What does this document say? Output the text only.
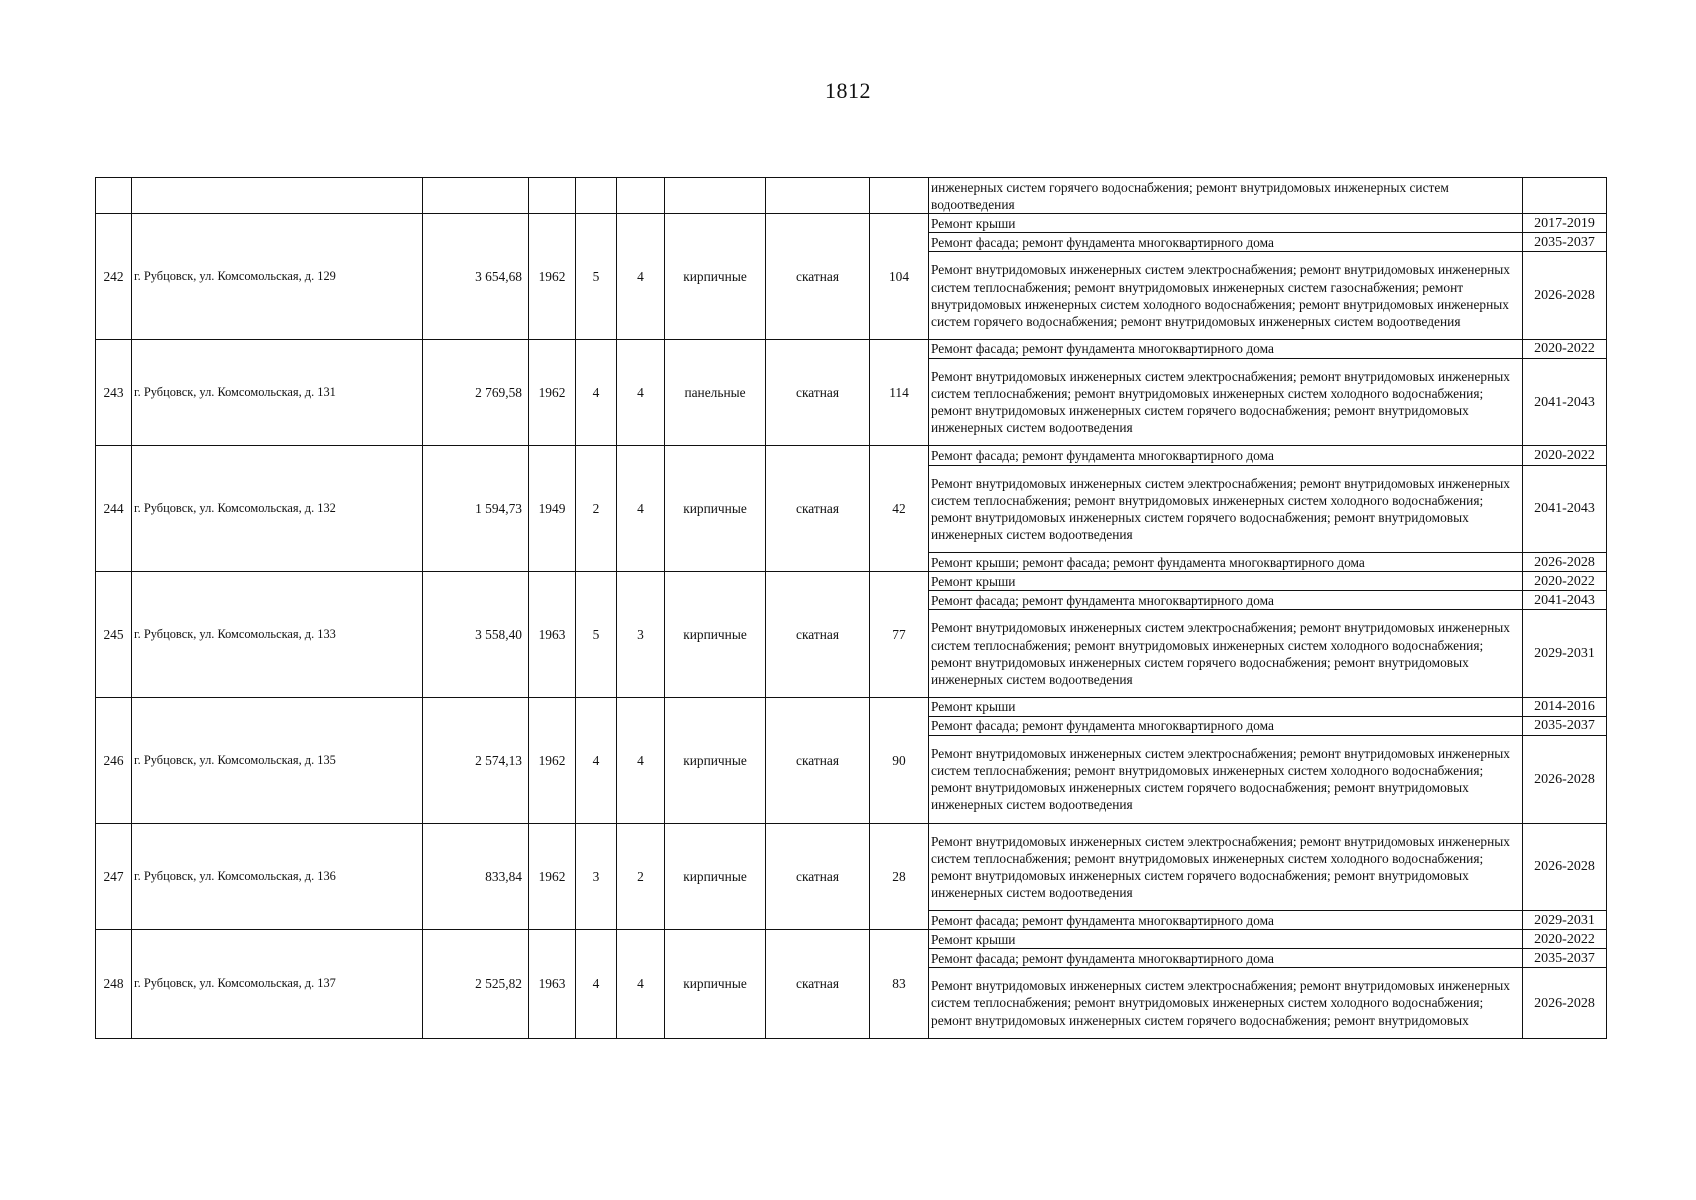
1812
									инженерных систем горячего водоснабжения; ремонт внутридомовых инженерных систем водоотведения	
242	г. Рубцовск, ул. Комсомольская, д. 129	3 654,68	1962	5	4	кирпичные	скатная	104	Ремонт крыши	2017-2019
									Ремонт фасада; ремонт фундамента многоквартирного дома	2035-2037
									Ремонт внутридомовых инженерных систем электроснабжения; ремонт внутридомовых инженерных систем теплоснабжения; ремонт внутридомовых инженерных систем газоснабжения; ремонт внутридомовых инженерных систем холодного водоснабжения; ремонт внутридомовых инженерных систем горячего водоснабжения; ремонт внутридомовых инженерных систем водоотведения	2026-2028
243	г. Рубцовск, ул. Комсомольская, д. 131	2 769,58	1962	4	4	панельные	скатная	114	Ремонт фасада; ремонт фундамента многоквартирного дома	2020-2022
									Ремонт внутридомовых инженерных систем электроснабжения; ремонт внутридомовых инженерных систем теплоснабжения; ремонт внутридомовых инженерных систем холодного водоснабжения; ремонт внутридомовых инженерных систем горячего водоснабжения; ремонт внутридомовых инженерных систем водоотведения	2041-2043
244	г. Рубцовск, ул. Комсомольская, д. 132	1 594,73	1949	2	4	кирпичные	скатная	42	Ремонт фасада; ремонт фундамента многоквартирного дома	2020-2022
									Ремонт внутридомовых инженерных систем электроснабжения; ремонт внутридомовых инженерных систем теплоснабжения; ремонт внутридомовых инженерных систем холодного водоснабжения; ремонт внутридомовых инженерных систем горячего водоснабжения; ремонт внутридомовых инженерных систем водоотведения	2041-2043
									Ремонт крыши; ремонт фасада; ремонт фундамента многоквартирного дома	2026-2028
245	г. Рубцовск, ул. Комсомольская, д. 133	3 558,40	1963	5	3	кирпичные	скатная	77	Ремонт крыши	2020-2022
									Ремонт фасада; ремонт фундамента многоквартирного дома	2041-2043
									Ремонт внутридомовых инженерных систем электроснабжения; ремонт внутридомовых инженерных систем теплоснабжения; ремонт внутридомовых инженерных систем холодного водоснабжения; ремонт внутридомовых инженерных систем горячего водоснабжения; ремонт внутридомовых инженерных систем водоотведения	2029-2031
246	г. Рубцовск, ул. Комсомольская, д. 135	2 574,13	1962	4	4	кирпичные	скатная	90	Ремонт крыши	2014-2016
									Ремонт фасада; ремонт фундамента многоквартирного дома	2035-2037
									Ремонт внутридомовых инженерных систем электроснабжения; ремонт внутридомовых инженерных систем теплоснабжения; ремонт внутридомовых инженерных систем холодного водоснабжения; ремонт внутридомовых инженерных систем горячего водоснабжения; ремонт внутридомовых инженерных систем водоотведения	2026-2028
247	г. Рубцовск, ул. Комсомольская, д. 136	833,84	1962	3	2	кирпичные	скатная	28	Ремонт внутридомовых инженерных систем электроснабжения; ремонт внутридомовых инженерных систем теплоснабжения; ремонт внутридомовых инженерных систем холодного водоснабжения; ремонт внутридомовых инженерных систем горячего водоснабжения; ремонт внутридомовых инженерных систем водоотведения	2026-2028
									Ремонт фасада; ремонт фундамента многоквартирного дома	2029-2031
248	г. Рубцовск, ул. Комсомольская, д. 137	2 525,82	1963	4	4	кирпичные	скатная	83	Ремонт крыши	2020-2022
									Ремонт фасада; ремонт фундамента многоквартирного дома	2035-2037
									Ремонт внутридомовых инженерных систем электроснабжения; ремонт внутридомовых инженерных систем теплоснабжения; ремонт внутридомовых инженерных систем холодного водоснабжения; ремонт внутридомовых инженерных систем горячего водоснабжения; ремонт внутридомовых	2026-2028
